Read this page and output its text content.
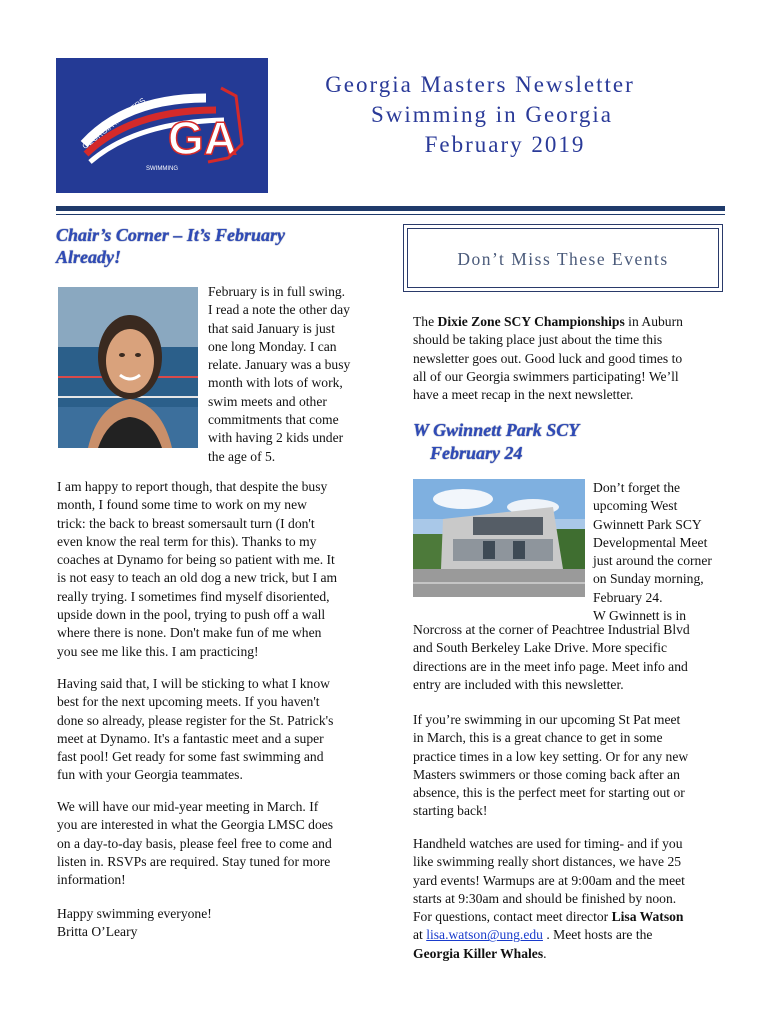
GA
GEORGIA MASTERS
SWIMMING
Georgia Masters Newsletter
Swimming in Georgia
February 2019
Chair’s Corner – It’s February
Already!
February is in full swing.
I read a note the other day
that said January is just
one long Monday. I can
relate. January was a busy
month with lots of work,
swim meets and other
commitments that come
with having 2 kids under
the age of 5.
I am happy to report though, that despite the busy
month, I found some time to work on my new
trick: the back to breast somersault turn (I don't
even know the real term for this). Thanks to my
coaches at Dynamo for being so patient with me. It
is not easy to teach an old dog a new trick, but I am
really trying. I sometimes find myself disoriented,
upside down in the pool, trying to push off a wall
where there is none. Don't make fun of me when
you see me like this. I am practicing!
Having said that, I will be sticking to what I know
best for the next upcoming meets. If you haven't
done so already, please register for the St. Patrick's
meet at Dynamo. It's a fantastic meet and a super
fast pool! Get ready for some fast swimming and
fun with your Georgia teammates.
We will have our mid-year meeting in March. If
you are interested in what the Georgia LMSC does
on a day-to-day basis, please feel free to come and
listen in. RSVPs are required. Stay tuned for more
information!
Happy swimming everyone!
Britta O’Leary
Don’t Miss These Events
The Dixie Zone SCY Championships in Auburn
should be taking place just about the time this
newsletter goes out. Good luck and good times to
all of our Georgia swimmers participating! We’ll
have a meet recap in the next newsletter.
W Gwinnett Park SCY
February 24
Don’t forget the
upcoming West
Gwinnett Park SCY
Developmental Meet
just around the corner
on Sunday morning,
February 24.
W Gwinnett is in
Norcross at the corner of Peachtree Industrial Blvd
and South Berkeley Lake Drive. More specific
directions are in the meet info page. Meet info and
entry are included with this newsletter.
If you’re swimming in our upcoming St Pat meet
in March, this is a great chance to get in some
practice times in a low key setting. Or for any new
Masters swimmers or those coming back after an
absence, this is the perfect meet for starting out or
starting back!
Handheld watches are used for timing- and if you
like swimming really short distances, we have 25
yard events! Warmups are at 9:00am and the meet
starts at 9:30am and should be finished by noon.
For questions, contact meet director Lisa Watson
at lisa.watson@ung.edu . Meet hosts are the
Georgia Killer Whales.
